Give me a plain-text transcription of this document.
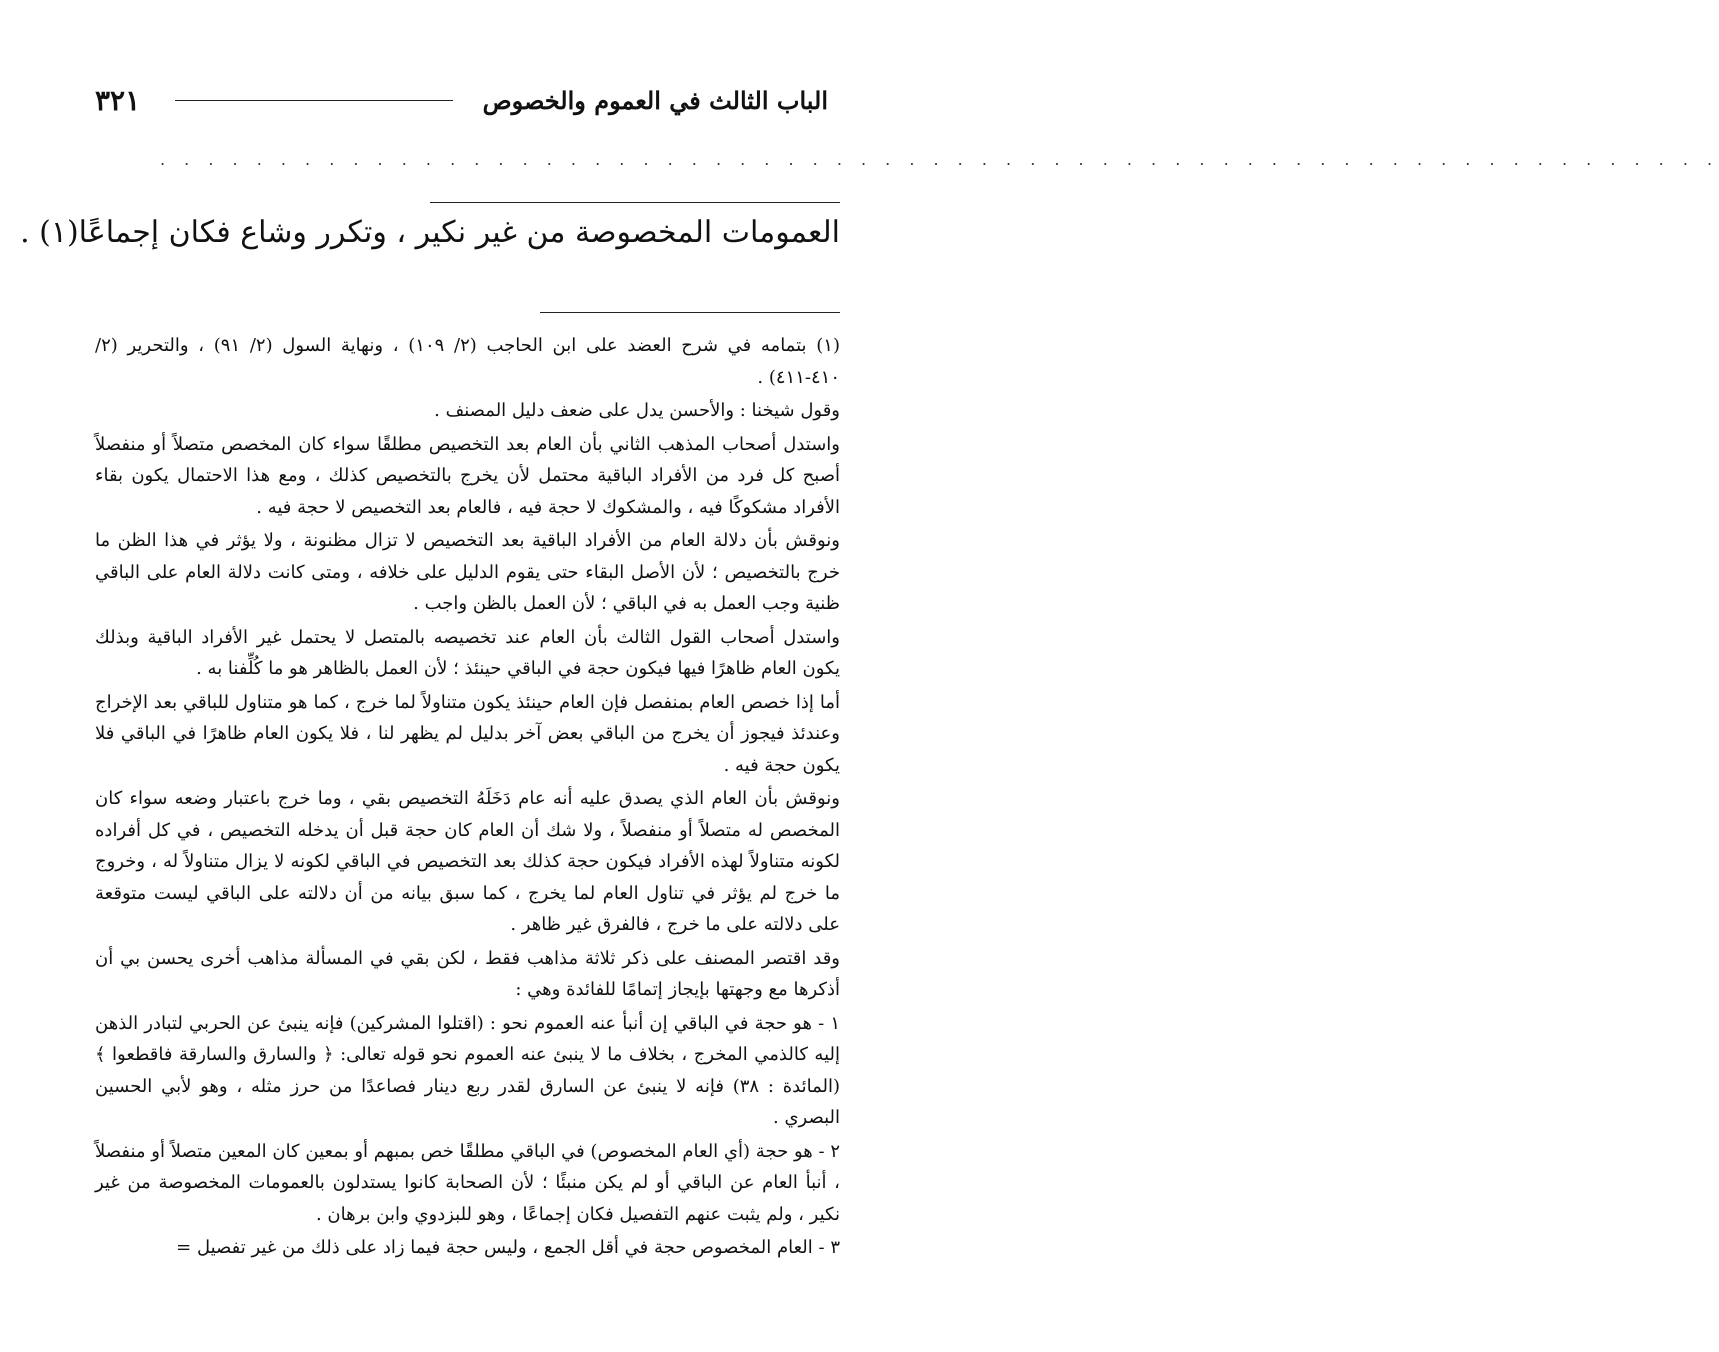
٣٢١	الباب الثالث في العموم والخصوص
. . . . . . . . . . . . . . . . . . . . . . . . . . . . . . . . . . . . . . . . . . . . . . . . . . . . . . . . . . . . . . . . .
العمومات المخصوصة من غير نكير ، وتكرر وشاع فكان إجماعًا(١) .

(١) بتمامه في شرح العضد على ابن الحاجب (٢/ ١٠٩) ، ونهاية السول (٢/ ٩١) ، والتحرير (٢/ ٤١٠-٤١١) .

وقول شيخنا : والأحسن يدل على ضعف دليل المصنف .

واستدل أصحاب المذهب الثاني بأن العام بعد التخصيص مطلقًا سواء كان المخصص متصلاً أو منفصلاً أصبح كل فرد من الأفراد الباقية محتمل لأن يخرج بالتخصيص كذلك ، ومع هذا الاحتمال يكون بقاء الأفراد مشكوكًا فيه ، والمشكوك لا حجة فيه ، فالعام بعد التخصيص لا حجة فيه .

ونوقش بأن دلالة العام من الأفراد الباقية بعد التخصيص لا تزال مظنونة ، ولا يؤثر في هذا الظن ما خرج بالتخصيص ؛ لأن الأصل البقاء حتى يقوم الدليل على خلافه ، ومتى كانت دلالة العام على الباقي ظنية وجب العمل به في الباقي ؛ لأن العمل بالظن واجب .

واستدل أصحاب القول الثالث بأن العام عند تخصيصه بالمتصل لا يحتمل غير الأفراد الباقية وبذلك يكون العام ظاهرًا فيها فيكون حجة في الباقي حينئذ ؛ لأن العمل بالظاهر هو ما كُلِّفنا به .

أما إذا خصص العام بمنفصل فإن العام حينئذ يكون متناولاً لما خرج ، كما هو متناول للباقي بعد الإخراج وعندئذ فيجوز أن يخرج من الباقي بعض آخر بدليل لم يظهر لنا ، فلا يكون العام ظاهرًا في الباقي فلا يكون حجة فيه .

ونوقش بأن العام الذي يصدق عليه أنه عام دَخَلَهُ التخصيص بقي ، وما خرج باعتبار وضعه سواء كان المخصص له متصلاً أو منفصلاً ، ولا شك أن العام كان حجة قبل أن يدخله التخصيص ، في كل أفراده لكونه متناولاً لهذه الأفراد فيكون حجة كذلك بعد التخصيص في الباقي لكونه لا يزال متناولاً له ، وخروج ما خرج لم يؤثر في تناول العام لما يخرج ، كما سبق بيانه من أن دلالته على الباقي ليست متوقعة على دلالته على ما خرج ، فالفرق غير ظاهر .

وقد اقتصر المصنف على ذكر ثلاثة مذاهب فقط ، لكن بقي في المسألة مذاهب أخرى يحسن بي أن أذكرها مع وجهتها بإيجاز إتمامًا للفائدة وهي :

١ - هو حجة في الباقي إن أنبأ عنه العموم نحو : (اقتلوا المشركين) فإنه ينبئ عن الحربي لتبادر الذهن إليه كالذمي المخرج ، بخلاف ما لا ينبئ عنه العموم نحو قوله تعالى: ﴿ والسارق والسارقة فاقطعوا ﴾ (المائدة : ٣٨) فإنه لا ينبئ عن السارق لقدر ربع دينار فصاعدًا من حرز مثله ، وهو لأبي الحسين البصري .

٢ - هو حجة (أي العام المخصوص) في الباقي مطلقًا خص بمبهم أو بمعين كان المعين متصلاً أو منفصلاً ، أنبأ العام عن الباقي أو لم يكن منبئًا ؛ لأن الصحابة كانوا يستدلون بالعمومات المخصوصة من غير نكير ، ولم يثبت عنهم التفصيل فكان إجماعًا ، وهو للبزدوي وابن برهان .

٣ - العام المخصوص حجة في أقل الجمع ، وليس حجة فيما زاد على ذلك من غير تفصيل =
